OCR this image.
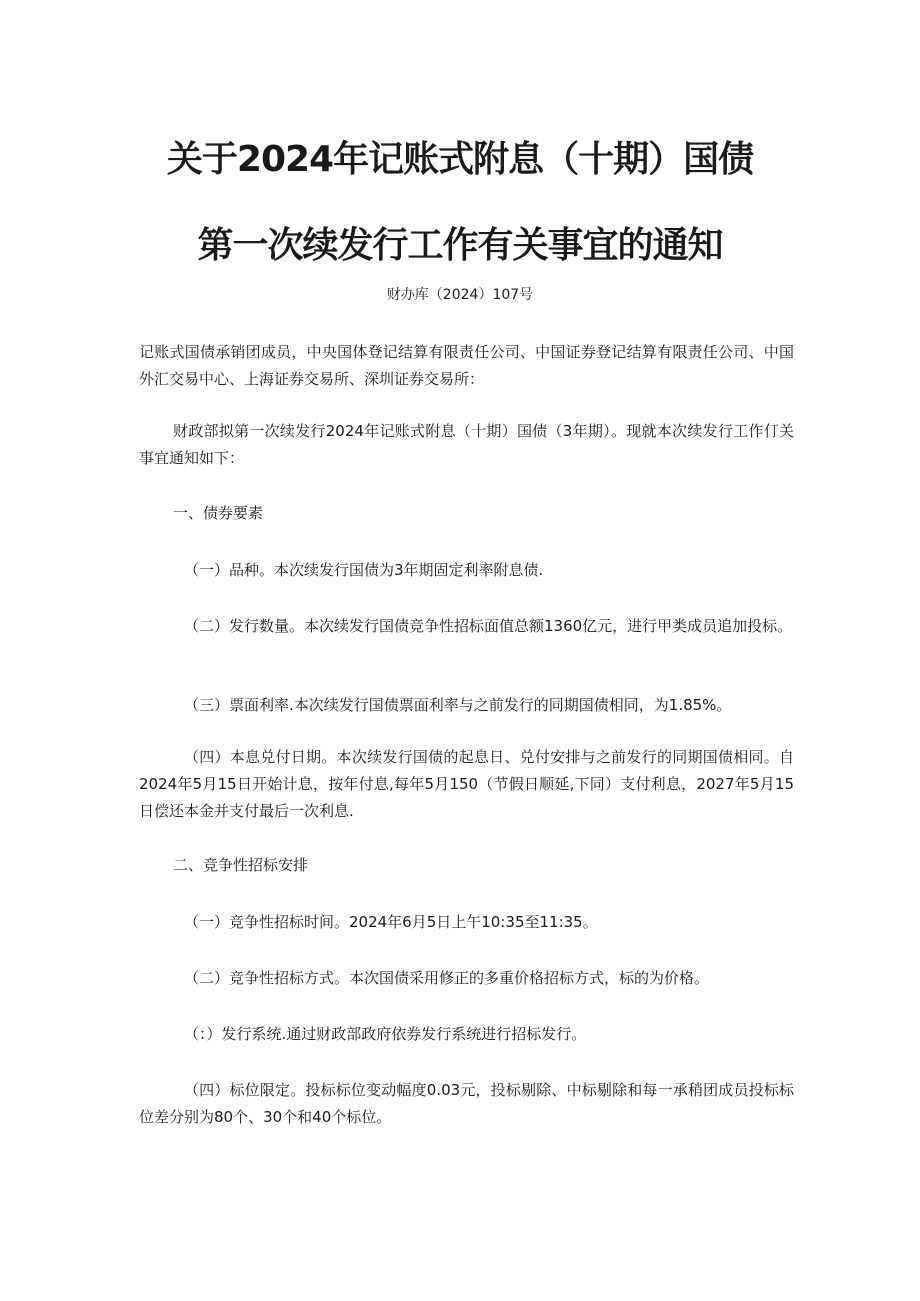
关于2024年记账式附息（十期）国债
第一次续发行工作有关事宜的通知
财办库（2024）107号

记账式国债承销团成员，中央国体登记结算有限责任公司、中国证券登记结算有限责任公司、中国外汇交易中心、上海证券交易所、深圳证券交易所：

财政部拟第一次续发行2024年记账式附息（十期）国债（3年期）。现就本次续发行工作仃关事宜通知如下：

一、债券要素

（一）品种。本次续发行国债为3年期固定利率附息债.

（二）发行数量。本次续发行国债竞争性招标面值总额1360亿元，进行甲类成员追加投标。

（三）票面利率.本次续发行国债票面利率与之前发行的同期国债相同，为1.85%。

（四）本息兑付日期。本次续发行国债的起息日、兑付安排与之前发行的同期国债相同。自2024年5月15日开始计息，按年付息,每年5月150（节假日顺延,下同）支付利息，2027年5月15日偿还本金并支付最后一次利息.

二、竞争性招标安排

（一）竞争性招标时间。2024年6月5日上午10:35至11:35。

（二）竞争性招标方式。本次国债采用修正的多重价格招标方式，标的为价格。

（：）发行系统.通过财政部政府依券发行系统进行招标发行。

（四）标位限定。投标标位变动幅度0.03元，投标剔除、中标剔除和每一承稍团成员投标标位差分别为80个、30个和40个标位。
